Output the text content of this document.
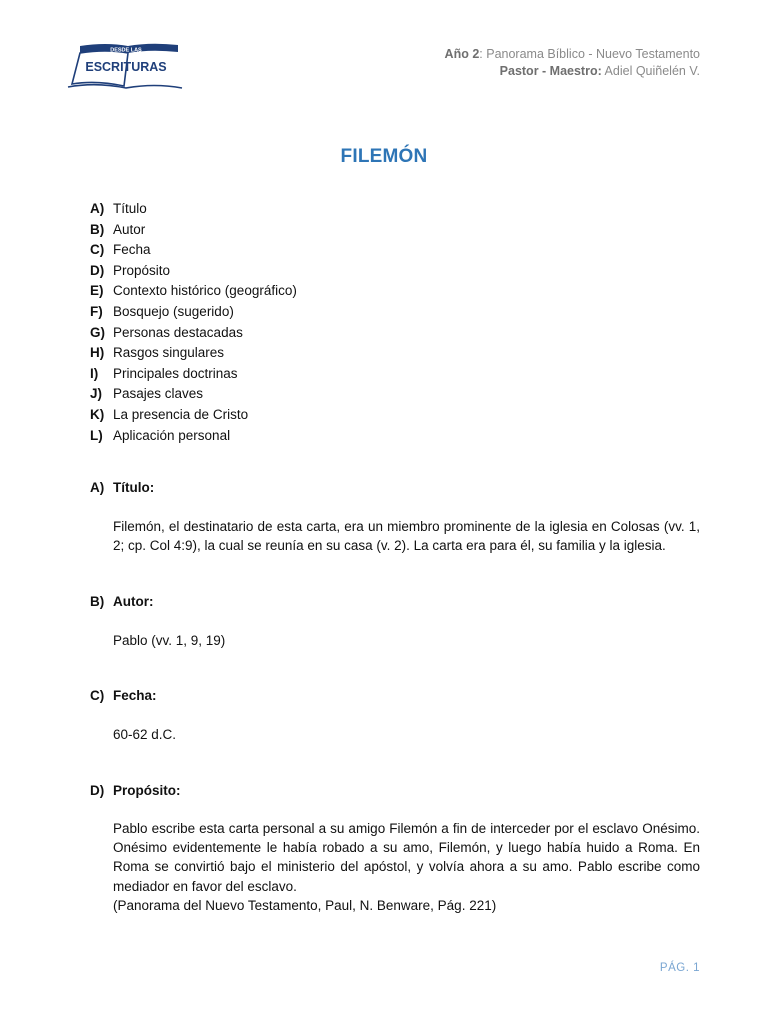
DESDE LAS
ESCRITURAS
Año 2: Panorama Bíblico - Nuevo Testamento
Pastor - Maestro: Adiel Quiñelén V.
FILEMÓN
A) Título
B) Autor
C) Fecha
D) Propósito
E) Contexto histórico (geográfico)
F) Bosquejo (sugerido)
G) Personas destacadas
H) Rasgos singulares
I) Principales doctrinas
J) Pasajes claves
K) La presencia de Cristo
L) Aplicación personal
A) Título:

Filemón, el destinatario de esta carta, era un miembro prominente de la iglesia en Colosas (vv. 1, 2; cp. Col 4:9), la cual se reunía en su casa (v. 2). La carta era para él, su familia y la iglesia.

B) Autor:

Pablo (vv. 1, 9, 19)

C) Fecha:

60-62 d.C.

D) Propósito:

Pablo escribe esta carta personal a su amigo Filemón a fin de interceder por el esclavo Onésimo. Onésimo evidentemente le había robado a su amo, Filemón, y luego había huido a Roma. En Roma se convirtió bajo el ministerio del apóstol, y volvía ahora a su amo. Pablo escribe como mediador en favor del esclavo.

(Panorama del Nuevo Testamento, Paul, N. Benware, Pág. 221)

PÁG. 1
